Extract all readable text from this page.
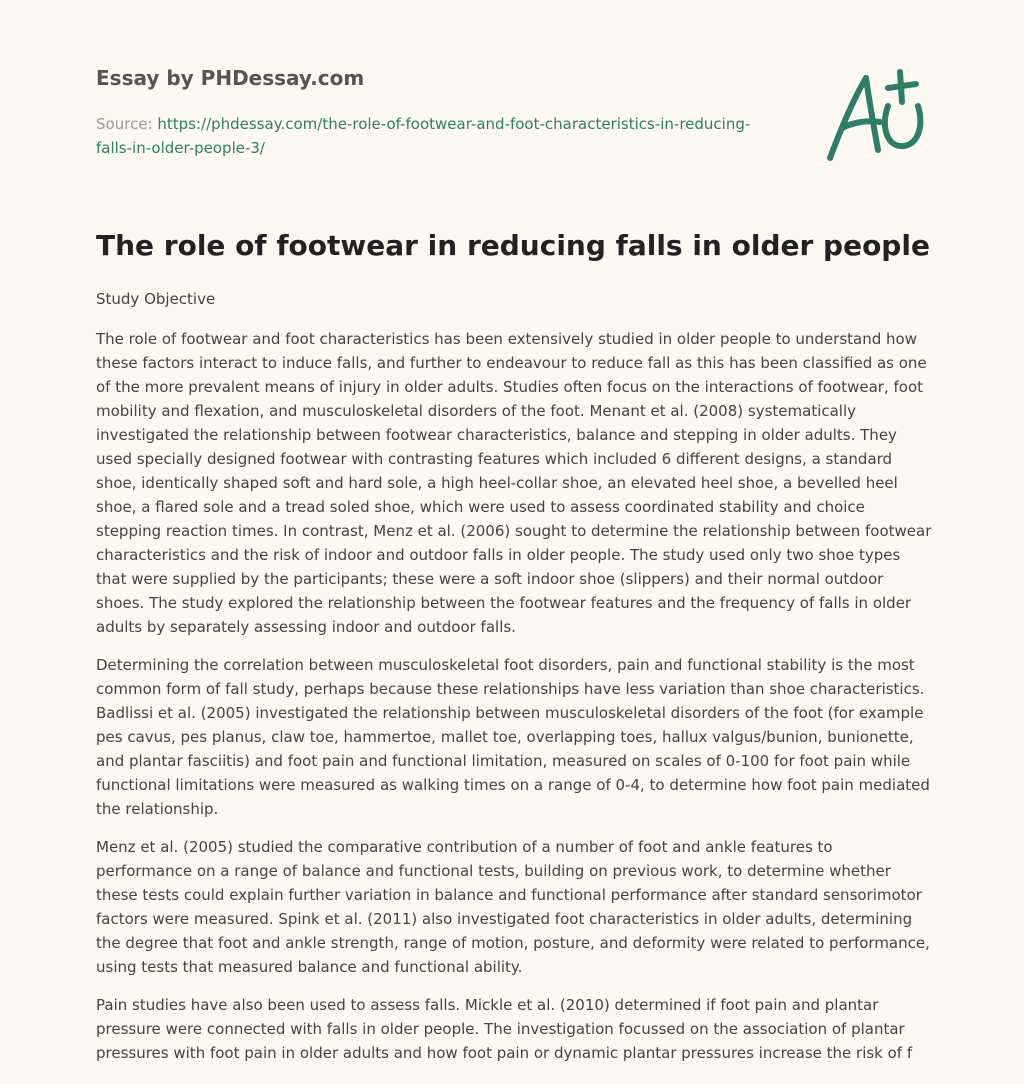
Essay by PHDessay.com
Source: https://phdessay.com/the-role-of-footwear-and-foot-characteristics-in-reducing-falls-in-older-people-3/
The role of footwear in reducing falls in older people

Study Objective

The role of footwear and foot characteristics has been extensively studied in older people to understand how these factors interact to induce falls, and further to endeavour to reduce fall as this has been classified as one of the more prevalent means of injury in older adults. Studies often focus on the interactions of footwear, foot mobility and flexation, and musculoskeletal disorders of the foot. Menant et al. (2008) systematically investigated the relationship between footwear characteristics, balance and stepping in older adults. They used specially designed footwear with contrasting features which included 6 different designs, a standard shoe, identically shaped soft and hard sole, a high heel-collar shoe, an elevated heel shoe, a bevelled heel shoe, a flared sole and a tread soled shoe, which were used to assess coordinated stability and choice stepping reaction times. In contrast, Menz et al. (2006) sought to determine the relationship between footwear characteristics and the risk of indoor and outdoor falls in older people. The study used only two shoe types that were supplied by the participants; these were a soft indoor shoe (slippers) and their normal outdoor shoes. The study explored the relationship between the footwear features and the frequency of falls in older adults by separately assessing indoor and outdoor falls.

Determining the correlation between musculoskeletal foot disorders, pain and functional stability is the most common form of fall study, perhaps because these relationships have less variation than shoe characteristics. Badlissi et al. (2005) investigated the relationship between musculoskeletal disorders of the foot (for example pes cavus, pes planus, claw toe, hammertoe, mallet toe, overlapping toes, hallux valgus/bunion, bunionette, and plantar fasciitis) and foot pain and functional limitation, measured on scales of 0-100 for foot pain while functional limitations were measured as walking times on a range of 0-4, to determine how foot pain mediated the relationship.

Menz et al. (2005) studied the comparative contribution of a number of foot and ankle features to performance on a range of balance and functional tests, building on previous work, to determine whether these tests could explain further variation in balance and functional performance after standard sensorimotor factors were measured. Spink et al. (2011) also investigated foot characteristics in older adults, determining the degree that foot and ankle strength, range of motion, posture, and deformity were related to performance, using tests that measured balance and functional ability.

Pain studies have also been used to assess falls. Mickle et al. (2010) determined if foot pain and plantar pressure were connected with falls in older people. The investigation focussed on the association of plantar pressures with foot pain in older adults and how foot pain or dynamic plantar pressures increase the risk of f
